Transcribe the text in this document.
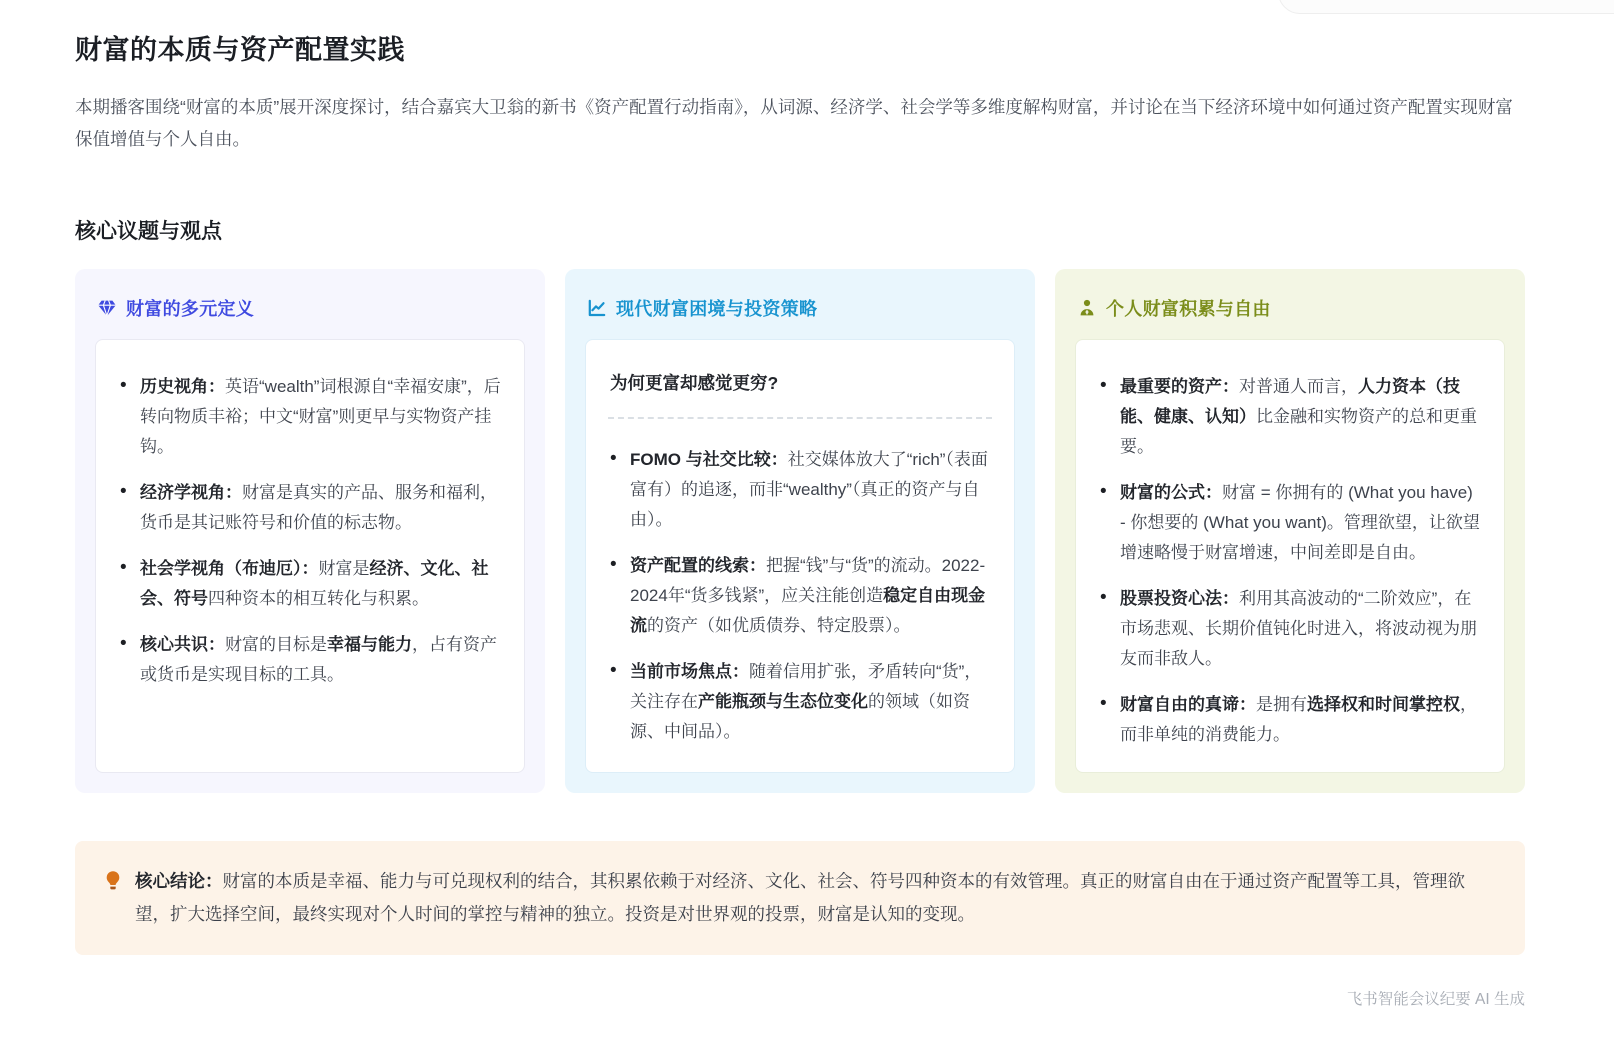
财富的本质与资产配置实践

本期播客围绕“财富的本质”展开深度探讨，结合嘉宾大卫翁的新书《资产配置行动指南》，从词源、经济学、社会学等多维度解构财富，并讨论在当下经济环境中如何通过资产配置实现财富保值增值与个人自由。

核心议题与观点
财富的多元定义
• 历史视角：英语“wealth”词根源自“幸福安康”，后转向物质丰裕；中文“财富”则更早与实物资产挂钩。
• 经济学视角：财富是真实的产品、服务和福利，货币是其记账符号和价值的标志物。
• 社会学视角（布迪厄）：财富是经济、文化、社会、符号四种资本的相互转化与积累。
• 核心共识：财富的目标是幸福与能力，占有资产或货币是实现目标的工具。
现代财富困境与投资策略
为何更富却感觉更穷?
• FOMO 与社交比较：社交媒体放大了“rich”（表面富有）的追逐，而非“wealthy”（真正的资产与自由）。
• 资产配置的线索：把握“钱”与“货”的流动。2022-2024年“货多钱紧”，应关注能创造稳定自由现金流的资产（如优质债券、特定股票）。
• 当前市场焦点：随着信用扩张，矛盾转向“货”，关注存在产能瓶颈与生态位变化的领域（如资源、中间品）。
个人财富积累与自由
• 最重要的资产：对普通人而言，人力资本（技能、健康、认知）比金融和实物资产的总和更重要。
• 财富的公式：财富 = 你拥有的 (What you have) - 你想要的 (What you want)。管理欲望，让欲望增速略慢于财富增速，中间差即是自由。
• 股票投资心法：利用其高波动的“二阶效应”，在市场悲观、长期价值钝化时进入，将波动视为朋友而非敌人。
• 财富自由的真谛：是拥有选择权和时间掌控权，而非单纯的消费能力。

核心结论：财富的本质是幸福、能力与可兑现权利的结合，其积累依赖于对经济、文化、社会、符号四种资本的有效管理。真正的财富自由在于通过资产配置等工具，管理欲望，扩大选择空间，最终实现对个人时间的掌控与精神的独立。投资是对世界观的投票，财富是认知的变现。

飞书智能会议纪要 AI 生成
